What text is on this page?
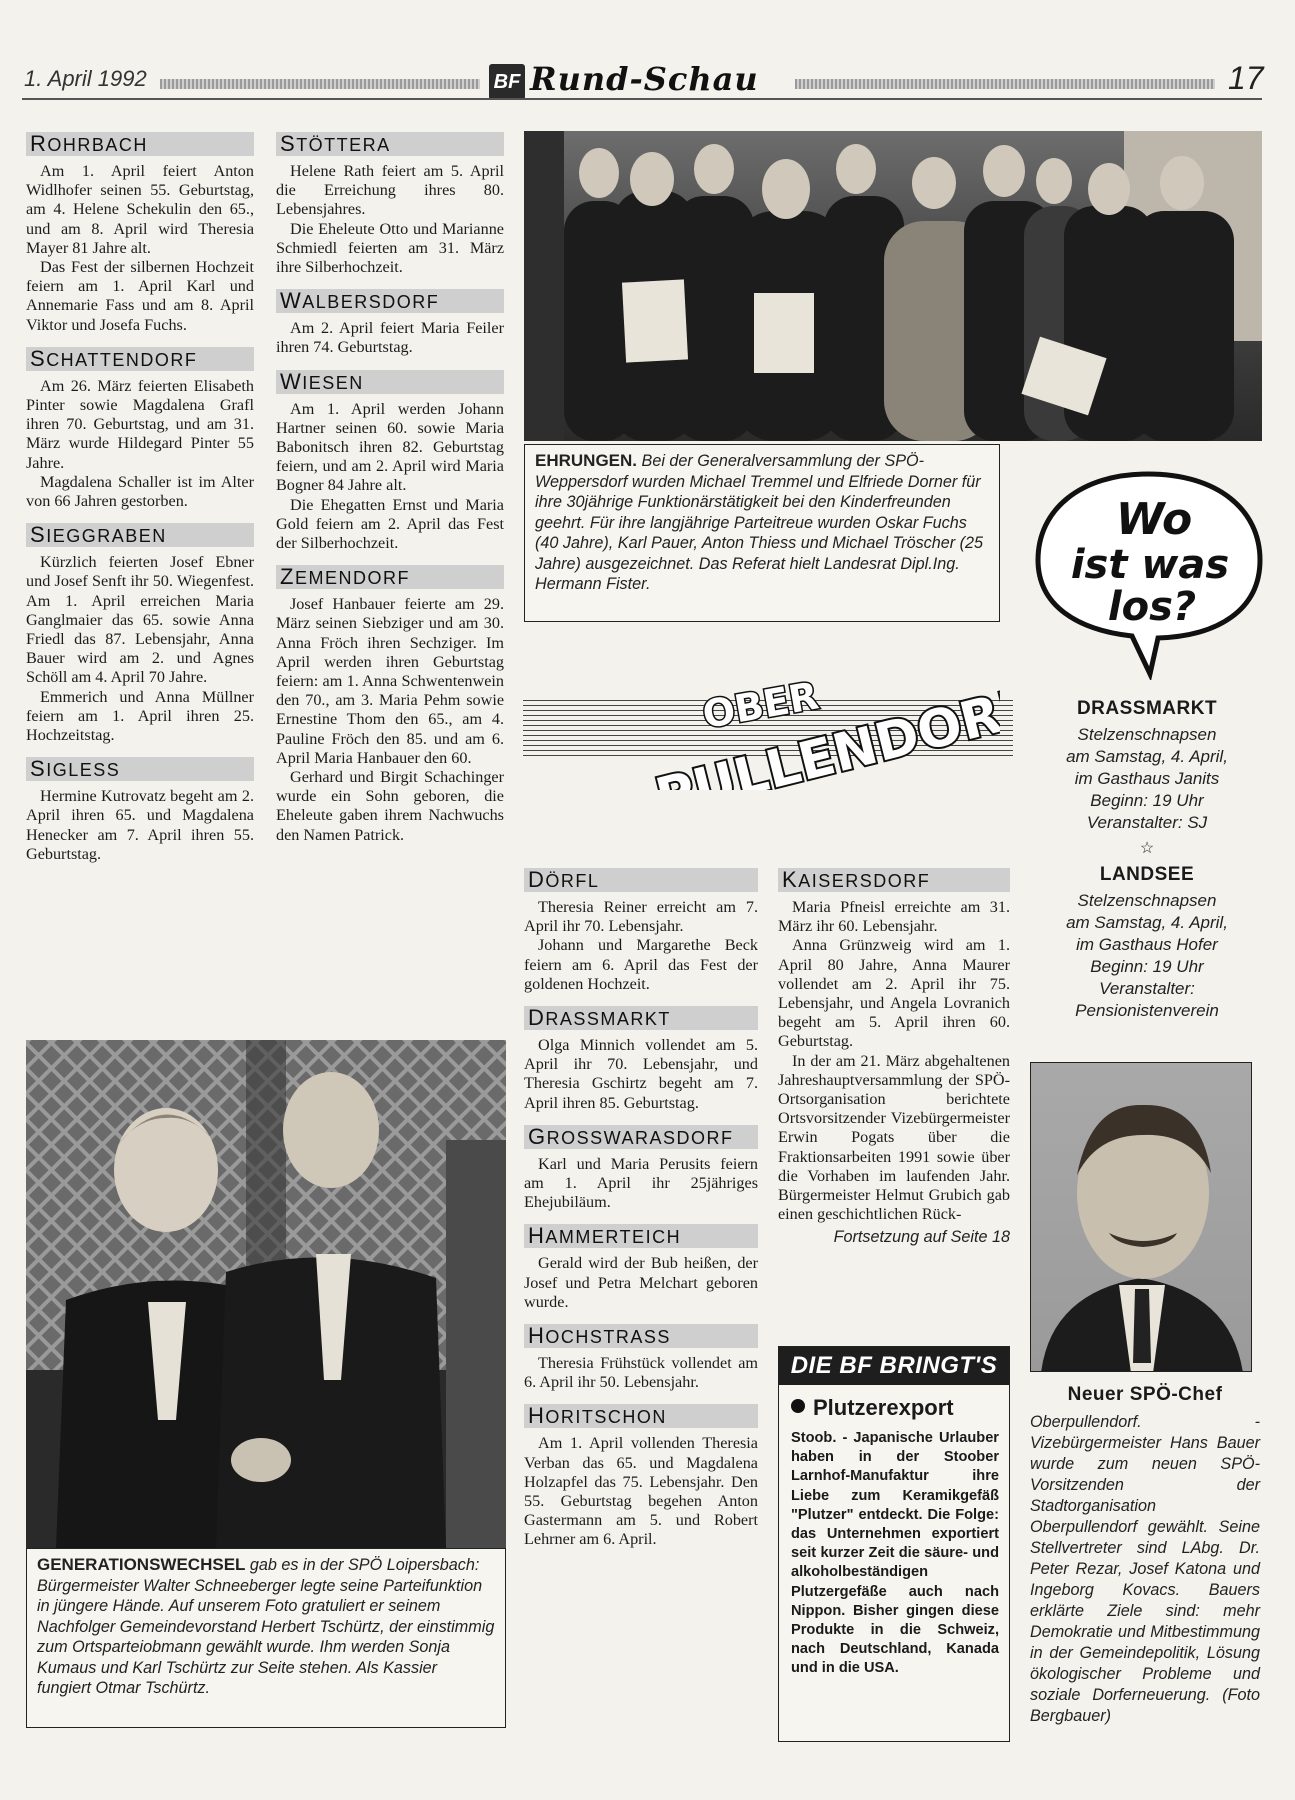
1. April 1992	BF Rund-Schau	17
ROHRBACH

Am 1. April feiert Anton Widlhofer seinen 55. Geburtstag, am 4. Helene Schekulin den 65., und am 8. April wird Theresia Mayer 81 Jahre alt.

Das Fest der silbernen Hochzeit feiern am 1. April Karl und Annemarie Fass und am 8. April Viktor und Josefa Fuchs.

SCHATTENDORF

Am 26. März feierten Elisabeth Pinter sowie Magdalena Grafl ihren 70. Geburtstag, und am 31. März wurde Hildegard Pinter 55 Jahre.

Magdalena Schaller ist im Alter von 66 Jahren gestorben.

SIEGGRABEN

Kürzlich feierten Josef Ebner und Josef Senft ihr 50. Wiegenfest. Am 1. April erreichen Maria Ganglmaier das 65. sowie Anna Friedl das 87. Lebensjahr, Anna Bauer wird am 2. und Agnes Schöll am 4. April 70 Jahre.

Emmerich und Anna Müllner feiern am 1. April ihren 25. Hochzeitstag.

SIGLESS

Hermine Kutrovatz begeht am 2. April ihren 65. und Magdalena Henecker am 7. April ihren 55. Geburtstag.

STÖTTERA

Helene Rath feiert am 5. April die Erreichung ihres 80. Lebensjahres.

Die Eheleute Otto und Marianne Schmiedl feierten am 31. März ihre Silberhochzeit.

WALBERSDORF

Am 2. April feiert Maria Feiler ihren 74. Geburtstag.

WIESEN

Am 1. April werden Johann Hartner seinen 60. sowie Maria Babonitsch ihren 82. Geburtstag feiern, und am 2. April wird Maria Bogner 84 Jahre alt.

Die Ehegatten Ernst und Maria Gold feiern am 2. April das Fest der Silberhochzeit.

ZEMENDORF

Josef Hanbauer feierte am 29. März seinen Siebziger und am 30. Anna Fröch ihren Sechziger. Im April werden ihren Geburtstag feiern: am 1. Anna Schwentenwein den 70., am 3. Maria Pehm sowie Ernestine Thom den 65., am 4. Pauline Fröch den 85. und am 6. April Maria Hanbauer den 60.

Gerhard und Birgit Schachinger wurde ein Sohn geboren, die Eheleute gaben ihrem Nachwuchs den Namen Patrick.

EHRUNGEN. Bei der Generalversammlung der SPÖ-Weppersdorf wurden Michael Tremmel und Elfriede Dorner für ihre 30jährige Funktionärstätigkeit bei den Kinderfreunden geehrt. Für ihre langjährige Parteitreue wurden Oskar Fuchs (40 Jahre), Karl Pauer, Anton Thiess und Michael Tröscher (25 Jahre) ausgezeichnet. Das Referat hielt Landesrat Dipl.Ing. Hermann Fister.
OBER
PULLENDORF
DÖRFL

Theresia Reiner erreicht am 7. April ihr 70. Lebensjahr.

Johann und Margarethe Beck feiern am 6. April das Fest der goldenen Hochzeit.

DRASSMARKT

Olga Minnich vollendet am 5. April ihr 70. Lebensjahr, und Theresia Gschirtz begeht am 7. April ihren 85. Geburtstag.

GROSSWARASDORF

Karl und Maria Perusits feiern am 1. April ihr 25jähriges Ehejubiläum.

HAMMERTEICH

Gerald wird der Bub heißen, der Josef und Petra Melchart geboren wurde.

HOCHSTRASS

Theresia Frühstück vollendet am 6. April ihr 50. Lebensjahr.

HORITSCHON

Am 1. April vollenden Theresia Verban das 65. und Magdalena Holzapfel das 75. Lebensjahr. Den 55. Geburtstag begehen Anton Gastermann am 5. und Robert Lehrner am 6. April.

KAISERSDORF

Maria Pfneisl erreichte am 31. März ihr 60. Lebensjahr.

Anna Grünzweig wird am 1. April 80 Jahre, Anna Maurer vollendet am 2. April ihr 75. Lebensjahr, und Angela Lovranich begeht am 5. April ihren 60. Geburtstag.

In der am 21. März abgehaltenen Jahreshauptversammlung der SPÖ-Ortsorganisation berichtete Ortsvorsitzender Vizebürgermeister Erwin Pogats über die Fraktionsarbeiten 1991 sowie über die Vorhaben im laufenden Jahr. Bürgermeister Helmut Grubich gab einen geschichtlichen Rück-

Fortsetzung auf Seite 18
DIE BF BRINGT'S
Plutzerexport
Stoob. - Japanische Urlauber haben in der Stoober Larnhof-Manufaktur ihre Liebe zum Keramikgefäß "Plutzer" entdeckt. Die Folge: das Unternehmen exportiert seit kurzer Zeit die säure- und alkoholbeständigen Plutzergefäße auch nach Nippon. Bisher gingen diese Produkte in die Schweiz, nach Deutschland, Kanada und in die USA.
GENERATIONSWECHSEL gab es in der SPÖ Loipersbach: Bürgermeister Walter Schneeberger legte seine Parteifunktion in jüngere Hände. Auf unserem Foto gratuliert er seinem Nachfolger Gemeindevorstand Herbert Tschürtz, der einstimmig zum Ortsparteiobmann gewählt wurde. Ihm werden Sonja Kumaus und Karl Tschürtz zur Seite stehen. Als Kassier fungiert Otmar Tschürtz.
Wo
ist was
los?
DRASSMARKT
Stelzenschnapsen
am Samstag, 4. April,
im Gasthaus Janits
Beginn: 19 Uhr
Veranstalter: SJ
☆
LANDSEE
Stelzenschnapsen
am Samstag, 4. April,
im Gasthaus Hofer
Beginn: 19 Uhr
Veranstalter:
Pensionistenverein
Neuer SPÖ-Chef
Oberpullendorf. - Vizebürgermeister Hans Bauer wurde zum neuen SPÖ-Vorsitzenden der Stadtorganisation Oberpullendorf gewählt. Seine Stellvertreter sind LAbg. Dr. Peter Rezar, Josef Katona und Ingeborg Kovacs. Bauers erklärte Ziele sind: mehr Demokratie und Mitbestimmung in der Gemeindepolitik, Lösung ökologischer Probleme und soziale Dorferneuerung. (Foto Bergbauer)
